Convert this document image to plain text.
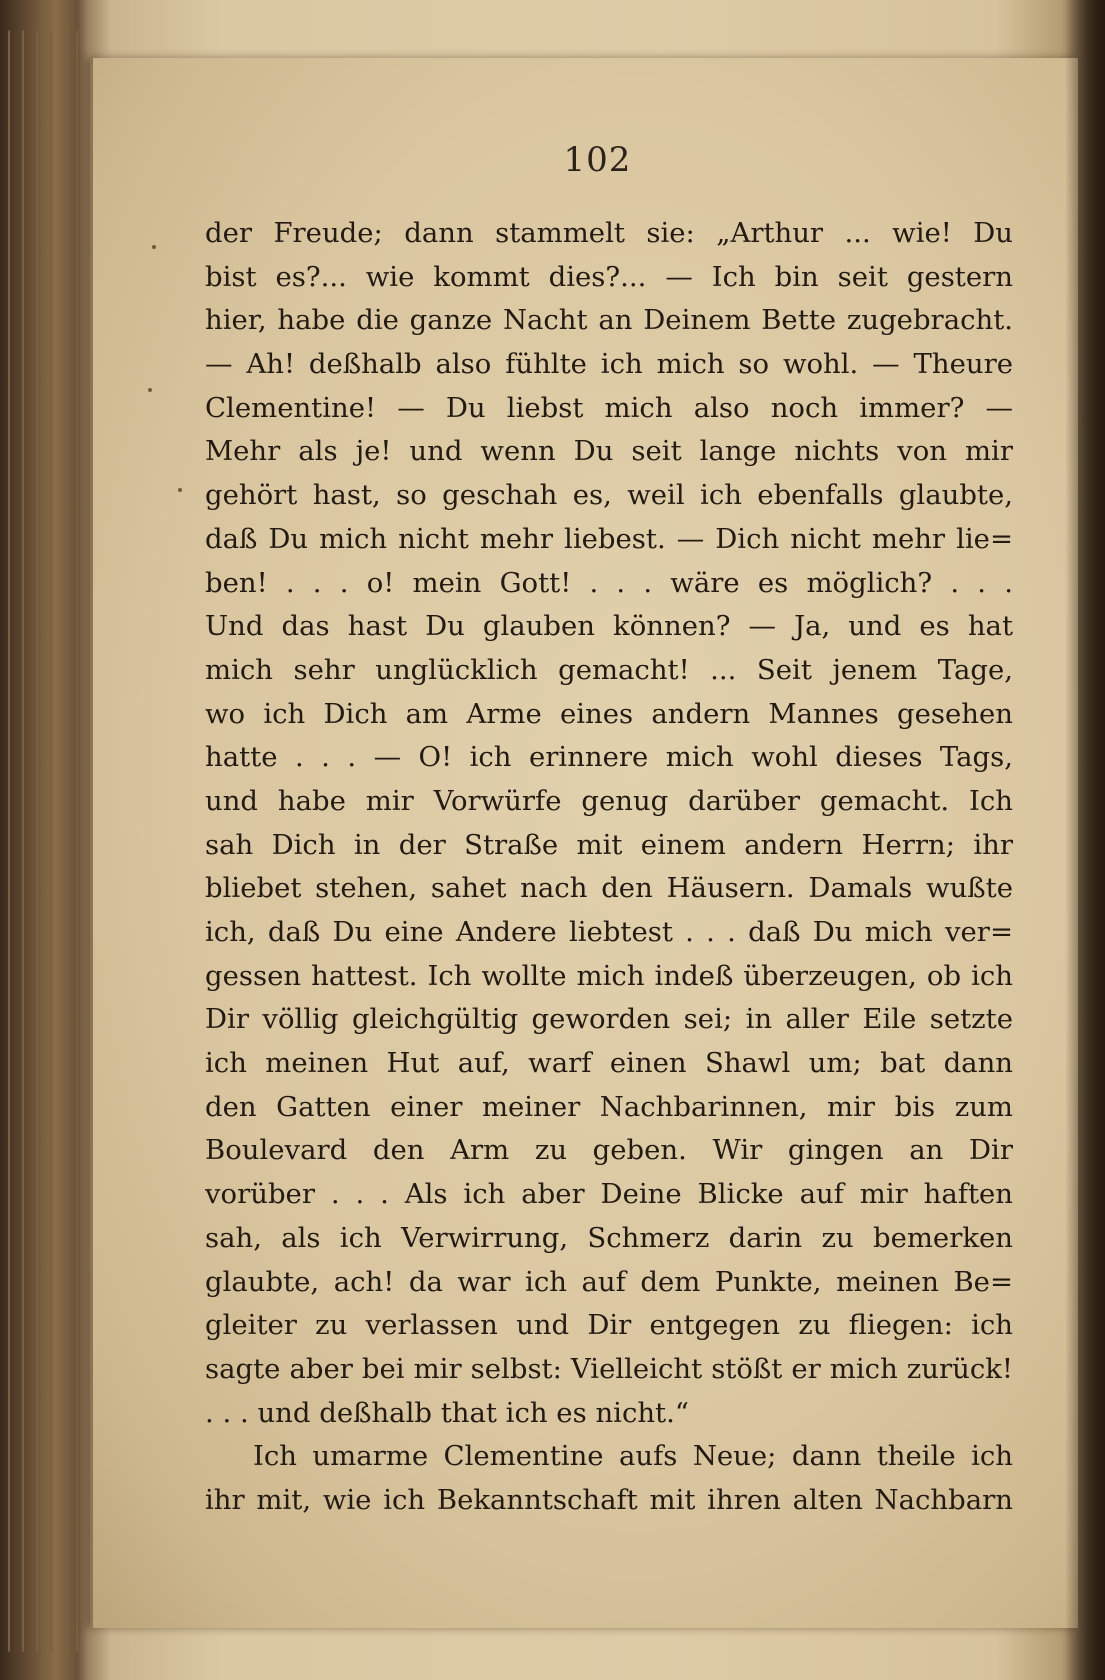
102
der Freude; dann stammelt sie: „Arthur ... wie! Du
bist es?... wie kommt dies?... — Ich bin seit gestern
hier, habe die ganze Nacht an Deinem Bette zugebracht.
— Ah! deßhalb also fühlte ich mich so wohl. — Theure
Clementine! — Du liebst mich also noch immer? —
Mehr als je! und wenn Du seit lange nichts von mir
gehört hast, so geschah es, weil ich ebenfalls glaubte,
daß Du mich nicht mehr liebest. — Dich nicht mehr lie=
ben! . . . o! mein Gott! . . . wäre es möglich? . . .
Und das hast Du glauben können? — Ja, und es hat
mich sehr unglücklich gemacht! ... Seit jenem Tage,
wo ich Dich am Arme eines andern Mannes gesehen
hatte . . . — O! ich erinnere mich wohl dieses Tags,
und habe mir Vorwürfe genug darüber gemacht. Ich
sah Dich in der Straße mit einem andern Herrn; ihr
bliebet stehen, sahet nach den Häusern. Damals wußte
ich, daß Du eine Andere liebtest . . . daß Du mich ver=
gessen hattest. Ich wollte mich indeß überzeugen, ob ich
Dir völlig gleichgültig geworden sei; in aller Eile setzte
ich meinen Hut auf, warf einen Shawl um; bat dann
den Gatten einer meiner Nachbarinnen, mir bis zum
Boulevard den Arm zu geben. Wir gingen an Dir
vorüber . . . Als ich aber Deine Blicke auf mir haften
sah, als ich Verwirrung, Schmerz darin zu bemerken
glaubte, ach! da war ich auf dem Punkte, meinen Be=
gleiter zu verlassen und Dir entgegen zu fliegen: ich
sagte aber bei mir selbst: Vielleicht stößt er mich zurück!
. . . und deßhalb that ich es nicht.“
Ich umarme Clementine aufs Neue; dann theile ich
ihr mit, wie ich Bekanntschaft mit ihren alten Nachbarn
